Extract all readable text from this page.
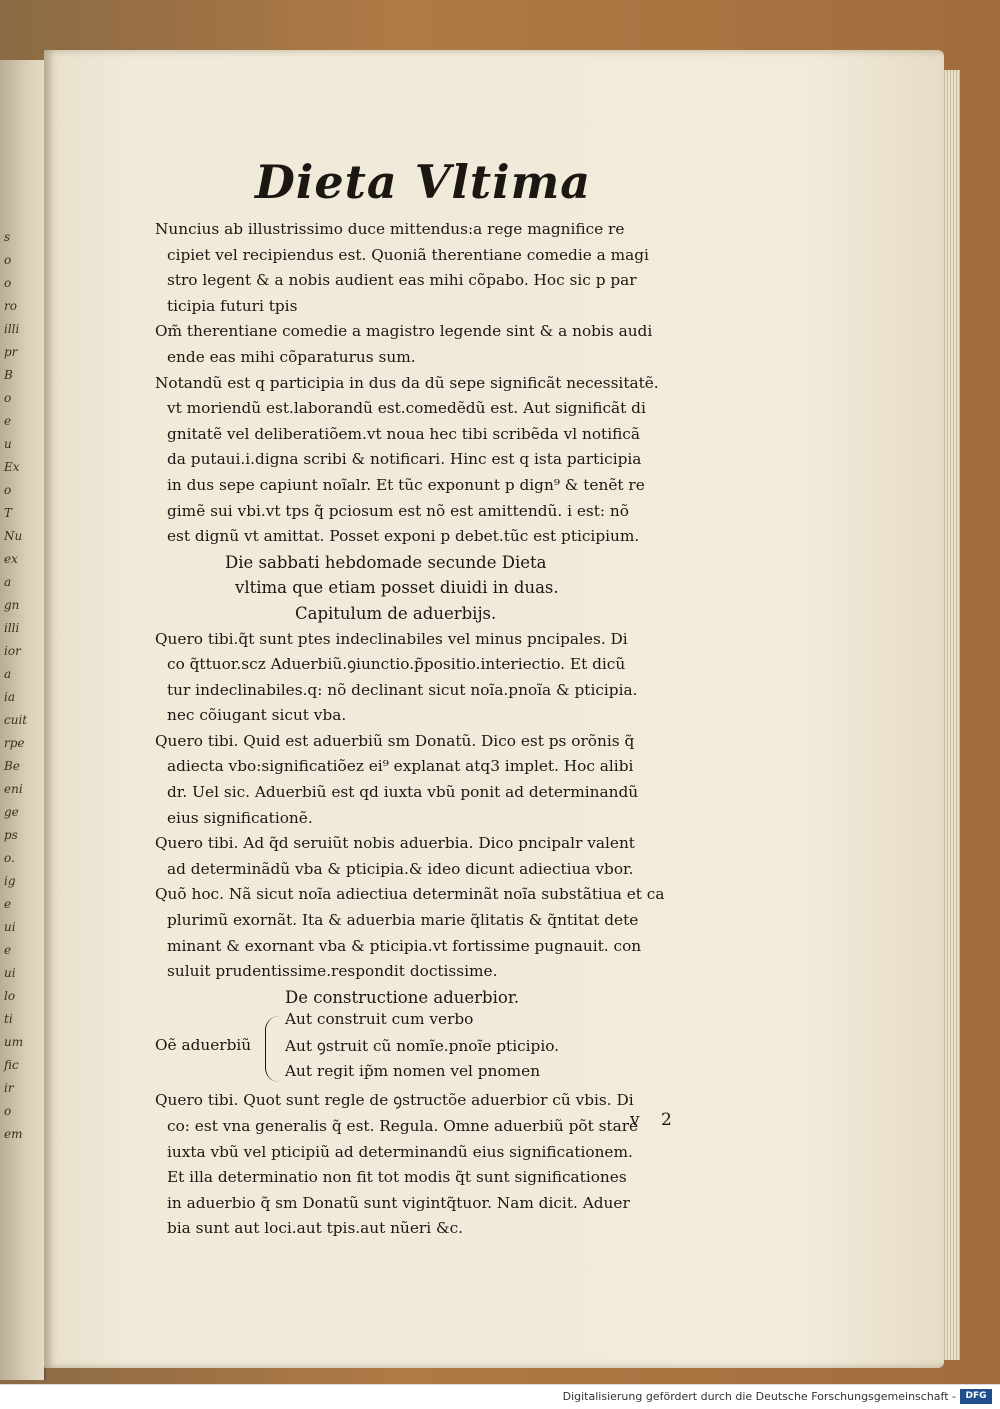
s
o
o
ro
illi
pr
B
o
e
u
Ex
o
T
Nu
ex
a
gn
illi
ior
a
ia
cuit
rpe
Be
eni
ge
ps
o.
ig
e
ui
e
ui
lo
ti
um
fic
ir
o
em
Dieta Vltima
Nuncius ab illustrissimo duce mittendus:a rege magnifice re
cipiet vel recipiendus est. Quoniã therentiane comedie a magi
stro legent & a nobis audient eas mihi cõpabo. Hoc sic p par
ticipia futuri tpis
Om̃ therentiane comedie a magistro legende sint & a nobis audi
ende eas mihi cõparaturus sum.
Notandũ est q participia in dus da dũ sepe significãt necessitatẽ.
vt moriendũ est.laborandũ est.comedẽdũ est. Aut significãt di
gnitatẽ vel deliberatiõem.vt noua hec tibi scribẽda vl notificã
da putaui.i.digna scribi & notificari. Hinc est q ista participia
in dus sepe capiunt noĩalr. Et tũc exponunt p dign⁹ & tenẽt re
gimẽ sui vbi.vt tps q̃ pciosum est nõ est amittendũ. i est: nõ
est dignũ vt amittat. Posset exponi p debet.tũc est pticipium.
Die sabbati hebdomade secunde Dieta
vltima que etiam posset diuidi in duas.
Capitulum de aduerbijs.
Quero tibi.q̃t sunt ptes indeclinabiles vel minus pncipales. Di
co q̃ttuor.scz Aduerbiũ.ꝯiunctio.p̃positio.interiectio. Et dicũ
tur indeclinabiles.q: nõ declinant sicut noĩa.pnoĩa & pticipia.
nec cõiugant sicut vba.
Quero tibi. Quid est aduerbiũ sm Donatũ. Dico est ps orõnis q̃
adiecta vbo:significatiõez ei⁹ explanat atq3 implet. Hoc alibi
dr. Uel sic. Aduerbiũ est qd iuxta vbũ ponit ad determinandũ
eius significationẽ.
Quero tibi. Ad q̃d seruiũt nobis aduerbia. Dico pncipalr valent
ad determinãdũ vba & pticipia.& ideo dicunt adiectiua vbor.
Quõ hoc. Nã sicut noĩa adiectiua determinãt noĩa substãtiua et ca
plurimũ exornãt. Ita & aduerbia marie q̃litatis & q̃ntitat dete
minant & exornant vba & pticipia.vt fortissime pugnauit. con
suluit prudentissime.respondit doctissime.
De constructione aduerbior.
Oẽ aduerbiũ
Aut construit cum verbo
Aut ꝯstruit cũ nomĩe.pnoĩe pticipio.
Aut regit ip̃m nomen vel pnomen
Quero tibi. Quot sunt regle de ꝯstructõe aduerbior cũ vbis. Di
co: est vna generalis q̃ est. Regula. Omne aduerbiũ põt stare
iuxta vbũ vel pticipiũ ad determinandũ eius significationem.
Et illa determinatio non fit tot modis q̃t sunt significationes
in aduerbio q̃ sm Donatũ sunt vigintq̃tuor. Nam dicit. Aduer
bia sunt aut loci.aut tpis.aut nũeri &c.
v 2
Digitalisierung gefördert durch die Deutsche Forschungsgemeinschaft -	DFG
